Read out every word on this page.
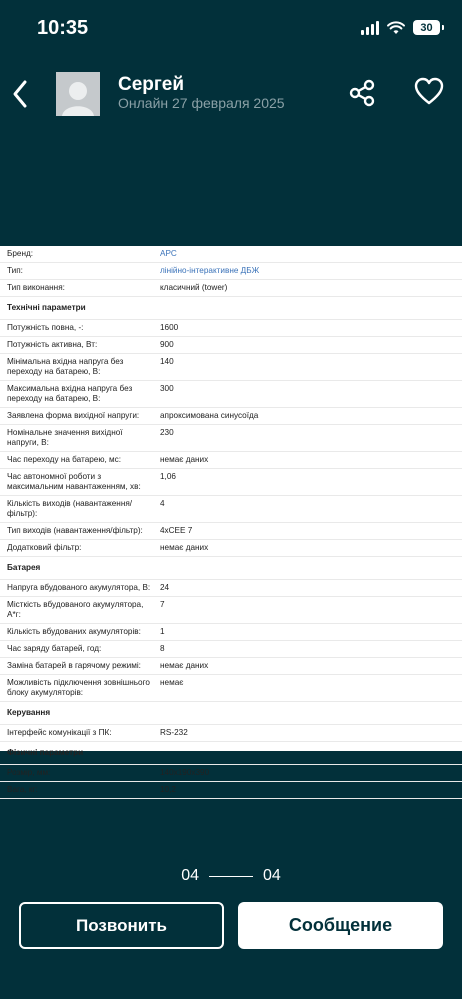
10:35	30
Сергей
Онлайн 27 февраля 2025
Бренд:	APC
Тип:	лінійно-інтерактивне ДБЖ
Тип виконання:	класичний (tower)
Технічні параметри
Потужність повна, -:	1600
Потужність активна, Вт:	900
Мінімальна вхідна напруга без переходу на батарею, В:
140
Максимальна вхідна напруга без переходу на батарею, В:
300
Заявлена форма вихідної напруги:	апроксимована синусоїда
Номінальне значення вихідної напруги, В:
230
Час переходу на батарею, мс:	немає даних
Час автономної роботи з максимальним навантаженням, хв:
1,06
Кількість виходів (навантаження/фільтр):
4
Тип виходів (навантаження/фільтр):	4xCEE 7
Додатковий фільтр:	немає даних
Батарея
Напруга вбудованого акумулятора, В:	24
Місткість вбудованого акумулятора, А*г:
7
Кількість вбудованих акумуляторів:	1
Час заряду батарей, год:	8
Заміна батарей в гарячому режимі:	немає даних
Можливість підключення зовнішнього блоку акумуляторів:
немає
Керування
Інтерфейс комунікації з ПК:	RS-232
Фізичні параметри
Розмір, мм:	140x190x390
Вага, кг:	10,2
04	04
Позвонить	Сообщение
